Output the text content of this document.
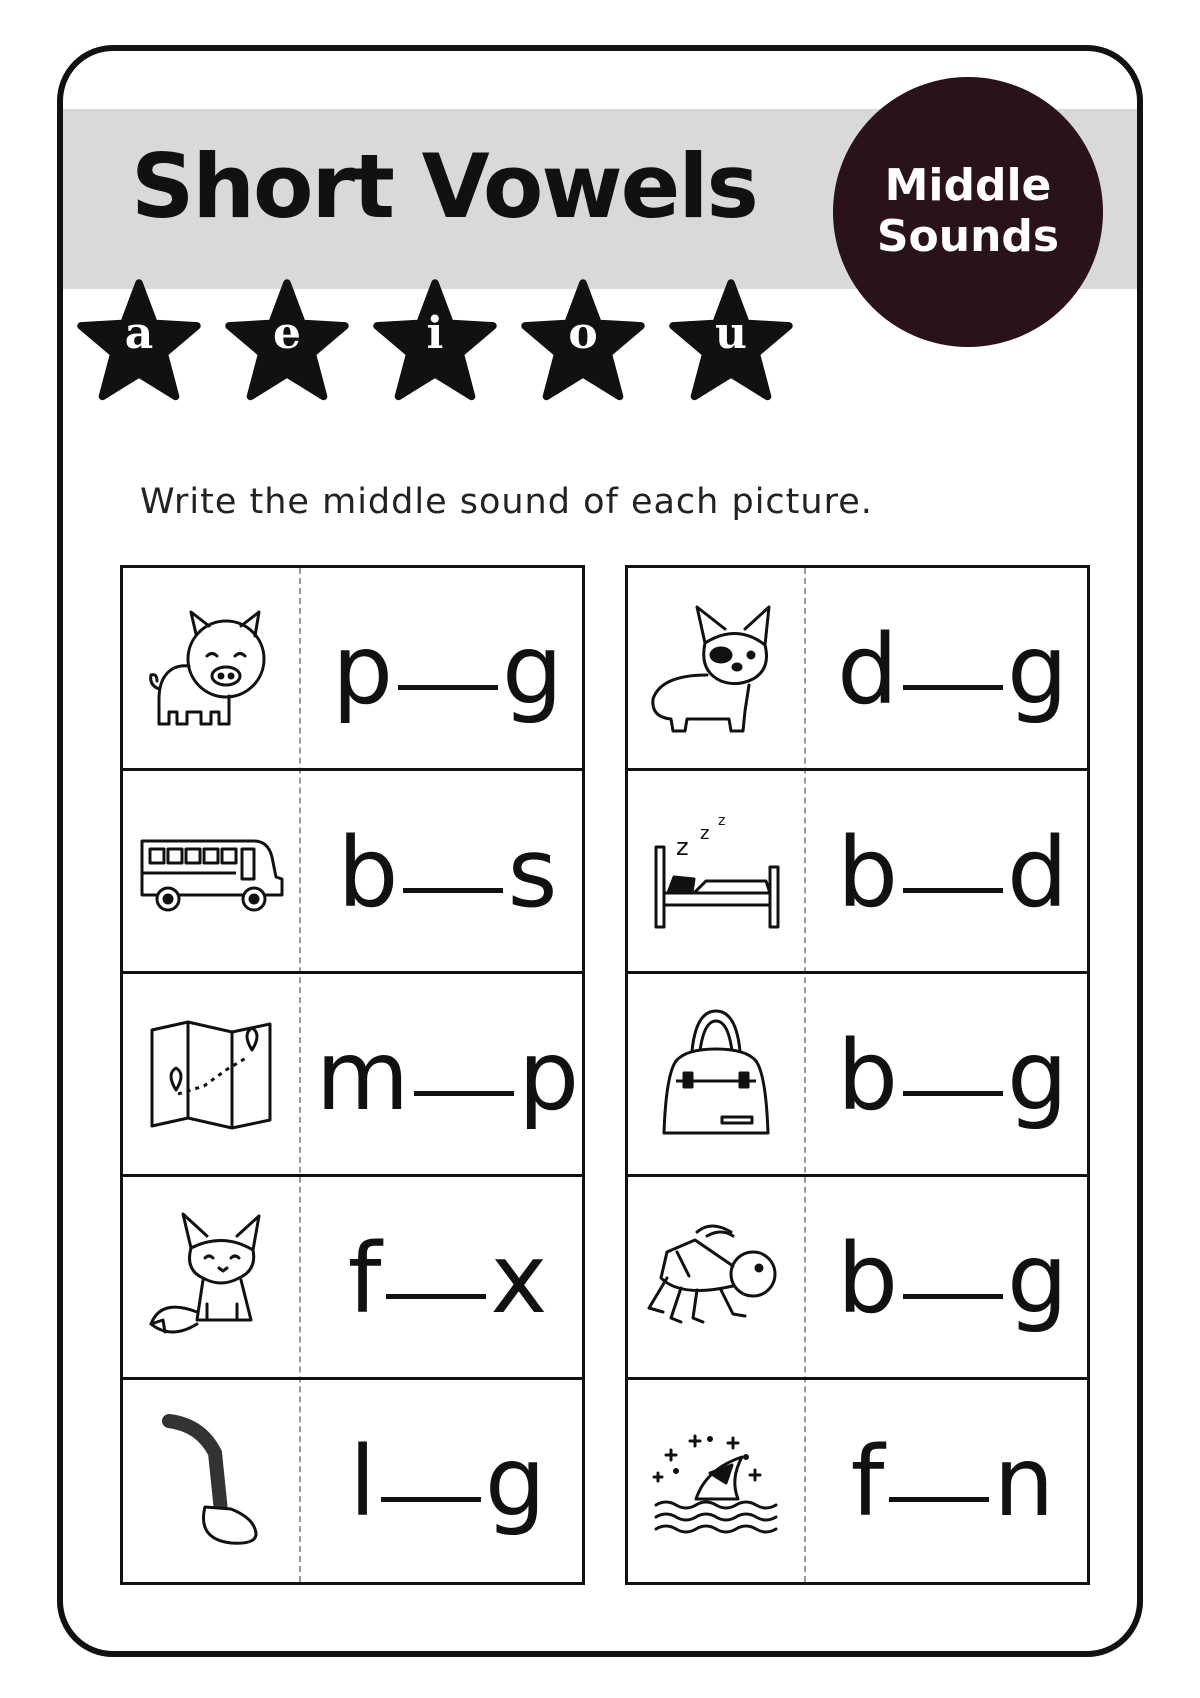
Short Vowels	Middle
Sounds
a	e	i	o	u

Write the middle sound of each picture.

p g
b s
m p
f x
l g
d g
z z
z b d
b g
b g
f n
